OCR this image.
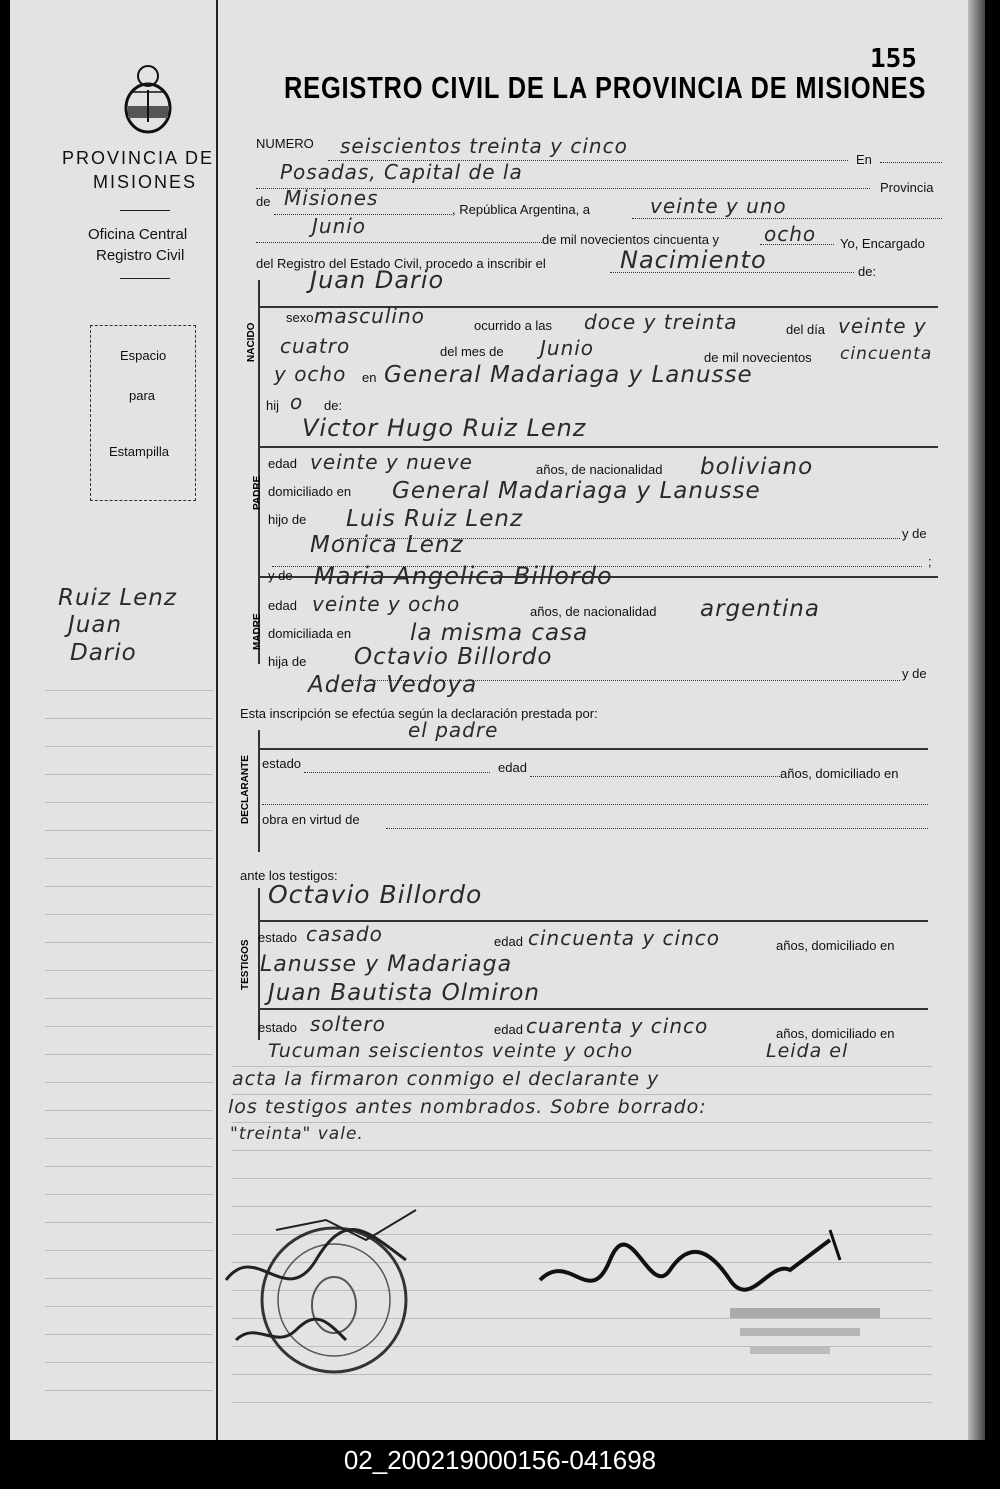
PROVINCIA DE
MISIONES
Oficina Central
Registro Civil
Espacio
para
Estampilla
Ruiz Lenz
Juan
Dario
155
REGISTRO CIVIL DE LA PROVINCIA DE MISIONES
NUMERO seiscientos treinta y cinco
En
Posadas, Capital de la
Provincia
de Misiones	, República Argentina, a	veinte y uno
Junio
de mil novecientos cincuenta y ocho Yo, Encargado
del Registro del Estado Civil, procedo a inscribir el	Nacimiento	de:
Juan Dario
NACIDO
sexo masculino	ocurrido a las doce y treinta	del día veinte y
cuatro	del mes de Junio	de mil novecientos cincuenta
y ocho en General Madariaga y Lanusse
hij o de:
Victor Hugo Ruiz Lenz
PADRE
edad veinte y nueve	años, de nacionalidad boliviano
domiciliado en General Madariaga y Lanusse
hijo de Luis Ruiz Lenz
y de
Monica Lenz
;
MADRE
y de Maria Angelica Billordo
edad veinte y ocho	años, de nacionalidad argentina
domiciliada en	la misma casa
hija de Octavio Billordo
y de
Adela Vedoya
Esta inscripción se efectúa según la declaración prestada por:
el padre
DECLARANTE estado	edad	años, domiciliado en
obra en virtud de
ante los testigos:
TESTIGOS
Octavio Billordo
estado casado	edad cincuenta y cinco	años, domiciliado en
Lanusse y Madariaga
Juan Bautista Olmiron
estado soltero	edad cuarenta y cinco	años, domiciliado en
Tucuman seiscientos veinte y ocho	Leida el
acta la firmaron conmigo el declarante y
los testigos antes nombrados. Sobre borrado:
"treinta" vale.
02_200219000156-041698
